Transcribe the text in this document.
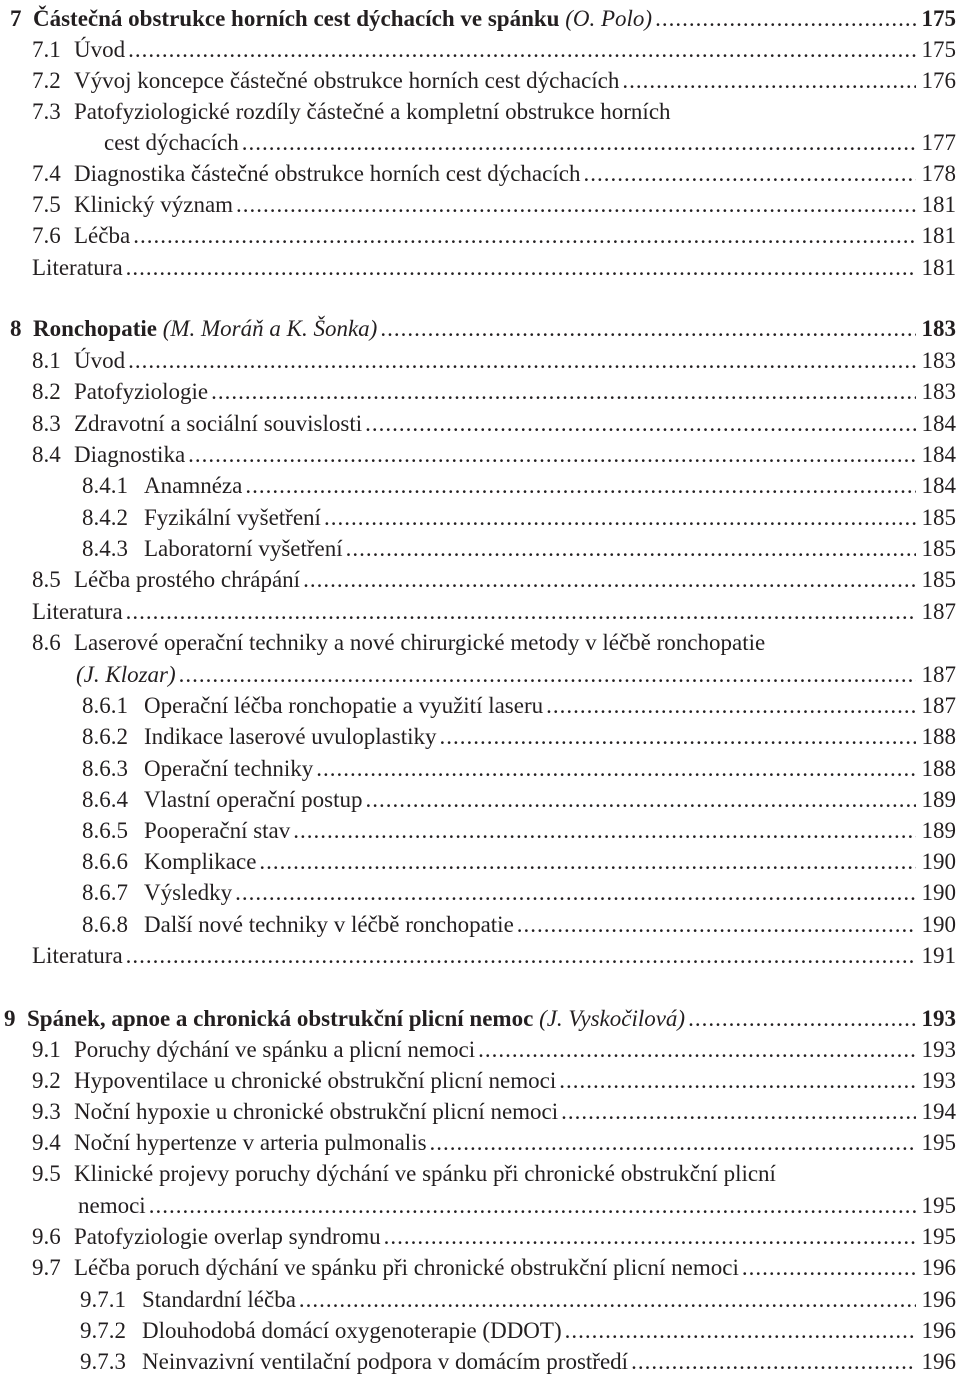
7 Částečná obstrukce horních cest dýchacích ve spánku (O. Polo) .....	175
7.1 Úvod .....	175
7.2 Vývoj koncepce částečné obstrukce horních cest dýchacích .....	176
7.3 Patofyziologické rozdíly částečné a kompletní obstrukce horních
cest dýchacích .....	177
7.4 Diagnostika částečné obstrukce horních cest dýchacích .....	178
7.5 Klinický význam .....	181
7.6 Léčba .....	181
Literatura .....	181
8 Ronchopatie (M. Moráň a K. Šonka) .....	183
8.1 Úvod .....	183
8.2 Patofyziologie .....	183
8.3 Zdravotní a sociální souvislosti .....	184
8.4 Diagnostika .....	184
8.4.1 Anamnéza .....	184
8.4.2 Fyzikální vyšetření .....	185
8.4.3 Laboratorní vyšetření .....	185
8.5 Léčba prostého chrápání .....	185
Literatura .....	187
8.6 Laserové operační techniky a nové chirurgické metody v léčbě ronchopatie
(J. Klozar) .....	187
8.6.1 Operační léčba ronchopatie a využití laseru .....	187
8.6.2 Indikace laserové uvuloplastiky .....	188
8.6.3 Operační techniky .....	188
8.6.4 Vlastní operační postup .....	189
8.6.5 Pooperační stav .....	189
8.6.6 Komplikace .....	190
8.6.7 Výsledky .....	190
8.6.8 Další nové techniky v léčbě ronchopatie .....	190
Literatura .....	191
9 Spánek, apnoe a chronická obstrukční plicní nemoc (J. Vyskočilová) .....	193
9.1 Poruchy dýchání ve spánku a plicní nemoci .....	193
9.2 Hypoventilace u chronické obstrukční plicní nemoci .....	193
9.3 Noční hypoxie u chronické obstrukční plicní nemoci .....	194
9.4 Noční hypertenze v arteria pulmonalis .....	195
9.5 Klinické projevy poruchy dýchání ve spánku při chronické obstrukční plicní
nemoci .....	195
9.6 Patofyziologie overlap syndromu .....	195
9.7 Léčba poruch dýchání ve spánku při chronické obstrukční plicní nemoci .....	196
9.7.1 Standardní léčba .....	196
9.7.2 Dlouhodobá domácí oxygenoterapie (DDOT) .....	196
9.7.3 Neinvazivní ventilační podpora v domácím prostředí .....	196
